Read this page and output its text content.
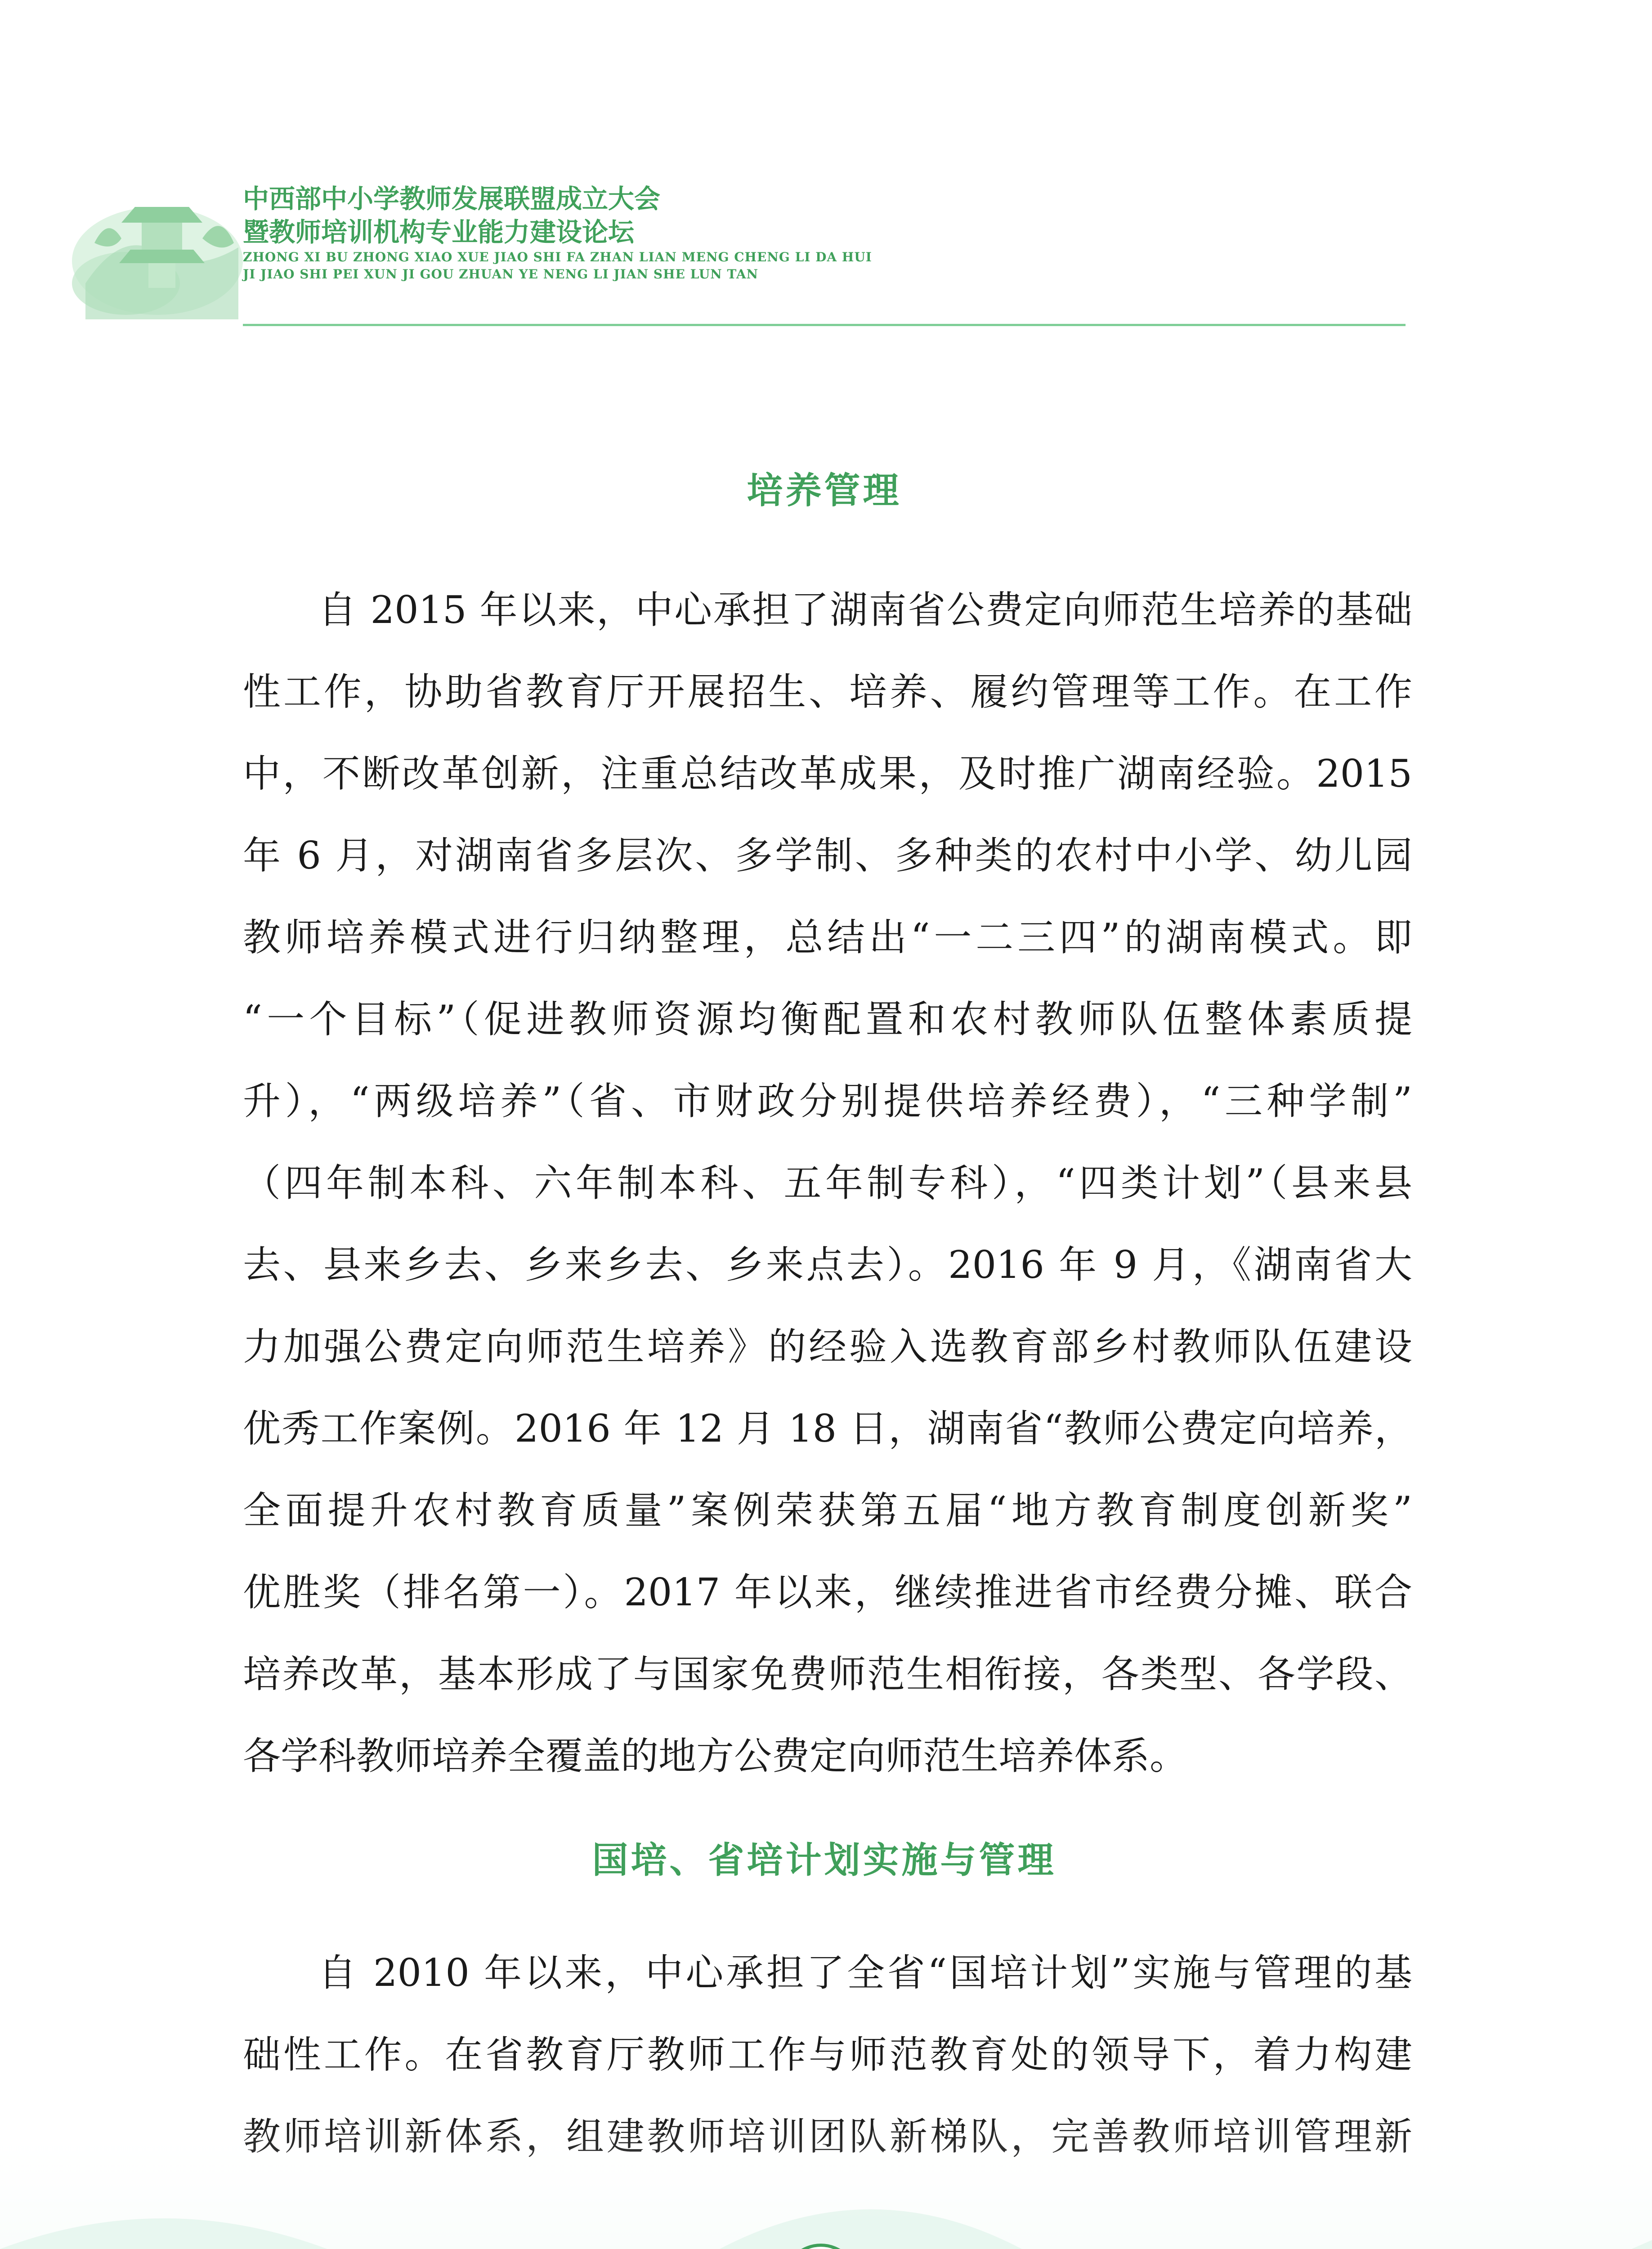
中西部中小学教师发展联盟成立大会
暨教师培训机构专业能力建设论坛
ZHONG XI BU ZHONG XIAO XUE JIAO SHI FA ZHAN LIAN MENG CHENG LI DA HUI
JI JIAO SHI PEI XUN JI GOU ZHUAN YE NENG LI JIAN SHE LUN TAN
培养管理
自 2015 年以来，中心承担了湖南省公费定向师范生培养的基础
性工作，协助省教育厅开展招生、培养、履约管理等工作。在工作
中，不断改革创新，注重总结改革成果，及时推广湖南经验。2015
年 6 月，对湖南省多层次、多学制、多种类的农村中小学、幼儿园
教师培养模式进行归纳整理，总结出“一二三四”的湖南模式。即
“一个目标”（促进教师资源均衡配置和农村教师队伍整体素质提
升），“两级培养”（省、市财政分别提供培养经费），“三种学制”
（四年制本科、六年制本科、五年制专科），“四类计划”（县来县
去、县来乡去、乡来乡去、乡来点去）。2016 年 9 月，《湖南省大
力加强公费定向师范生培养》的经验入选教育部乡村教师队伍建设
优秀工作案例。2016 年 12 月 18 日，湖南省“教师公费定向培养，
全面提升农村教育质量”案例荣获第五届“地方教育制度创新奖”
优胜奖（排名第一）。2017 年以来，继续推进省市经费分摊、联合
培养改革，基本形成了与国家免费师范生相衔接，各类型、各学段、
各学科教师培养全覆盖的地方公费定向师范生培养体系。
国培、省培计划实施与管理
自 2010 年以来，中心承担了全省“国培计划”实施与管理的基
础性工作。在省教育厅教师工作与师范教育处的领导下，着力构建
